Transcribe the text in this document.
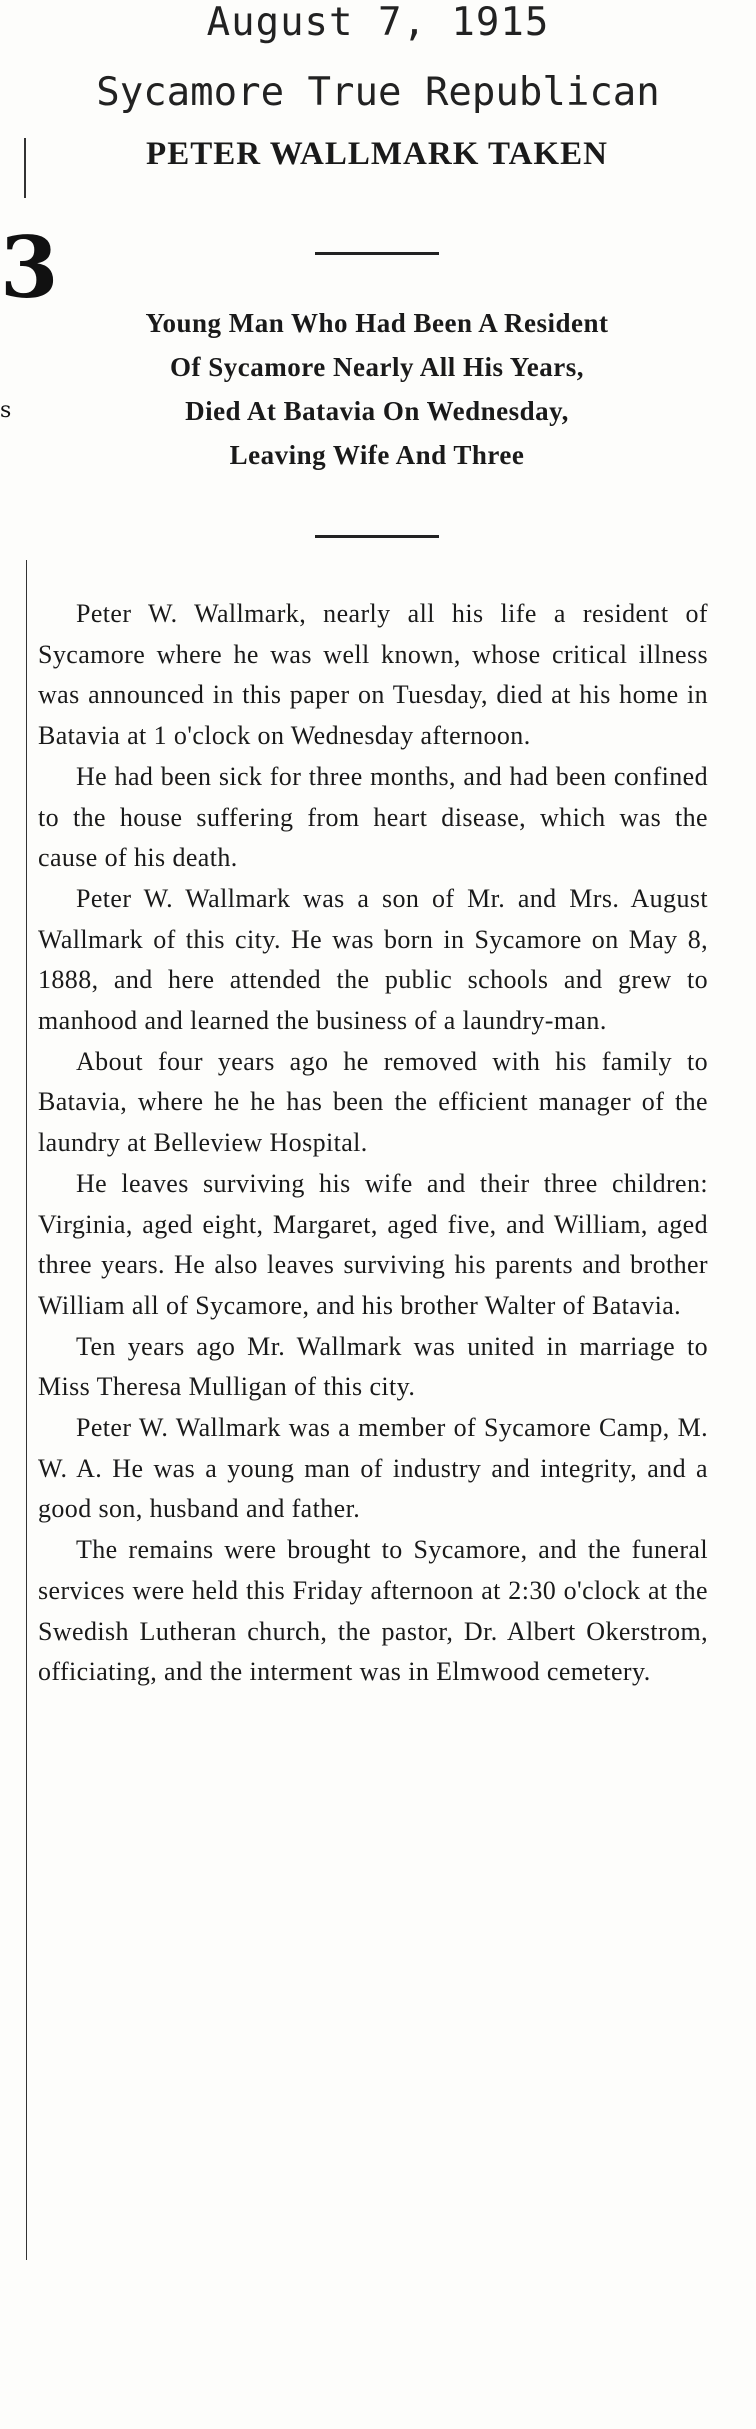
August 7, 1915
Sycamore True Republican
3
s
PETER WALLMARK TAKEN
Young Man Who Had Been A Resident
Of Sycamore Nearly All His Years,
Died At Batavia On Wednesday,
Leaving Wife And Three

Peter W. Wallmark, nearly all his life a resident of Sycamore where he was well known, whose critical illness was announced in this paper on Tuesday, died at his home in Batavia at 1 o'clock on Wednesday afternoon.

He had been sick for three months, and had been confined to the house suffering from heart disease, which was the cause of his death.

Peter W. Wallmark was a son of Mr. and Mrs. August Wallmark of this city. He was born in Sycamore on May 8, 1888, and here attended the public schools and grew to manhood and learned the business of a laundry-man.

About four years ago he removed with his family to Batavia, where he he has been the efficient manager of the laundry at Belleview Hospital.

He leaves surviving his wife and their three children: Virginia, aged eight, Margaret, aged five, and William, aged three years. He also leaves surviving his parents and brother William all of Sycamore, and his brother Walter of Batavia.

Ten years ago Mr. Wallmark was united in marriage to Miss Theresa Mulligan of this city.

Peter W. Wallmark was a member of Sycamore Camp, M. W. A. He was a young man of industry and integrity, and a good son, husband and father.

The remains were brought to Sycamore, and the funeral services were held this Friday afternoon at 2:30 o'clock at the Swedish Lutheran church, the pastor, Dr. Albert Okerstrom, officiating, and the interment was in Elmwood cemetery.
